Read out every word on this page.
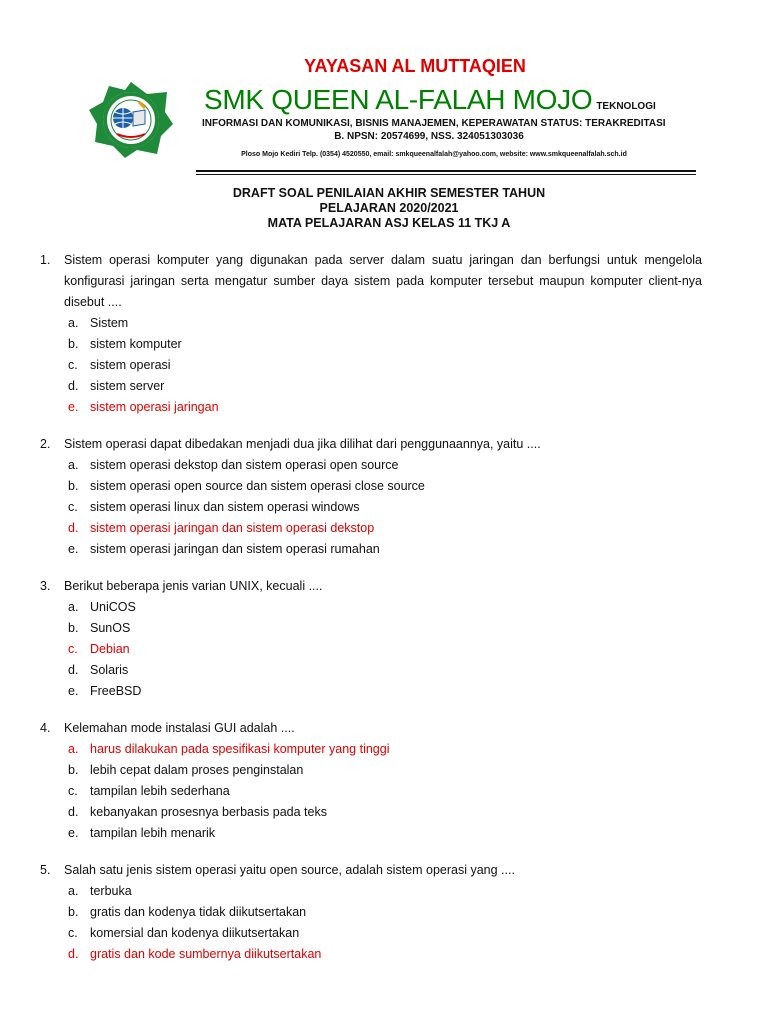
YAYASAN AL MUTTAQIEN
SMK QUEEN AL-FALAH MOJO TEKNOLOGI
INFORMASI DAN KOMUNIKASI, BISNIS MANAJEMEN, KEPERAWATAN STATUS: TERAKREDITASI
B. NPSN: 20574699, NSS. 324051303036
Ploso Mojo Kediri Telp. (0354) 4520550, email: smkqueenalfalah@yahoo.com, website: www.smkqueenalfalah.sch.id
DRAFT SOAL PENILAIAN AKHIR SEMESTER TAHUN
PELAJARAN 2020/2021
MATA PELAJARAN ASJ KELAS 11 TKJ A
1.	Sistem operasi komputer yang digunakan pada server dalam suatu jaringan dan berfungsi untuk mengelola konfigurasi jaringan serta mengatur sumber daya sistem pada komputer tersebut maupun komputer client-nya disebut ....
a. Sistem
b. sistem komputer
c. sistem operasi
d. sistem server
e. sistem operasi jaringan
2.	Sistem operasi dapat dibedakan menjadi dua jika dilihat dari penggunaannya, yaitu ....
a. sistem operasi dekstop dan sistem operasi open source
b. sistem operasi open source dan sistem operasi close source
c. sistem operasi linux dan sistem operasi windows
d. sistem operasi jaringan dan sistem operasi dekstop
e. sistem operasi jaringan dan sistem operasi rumahan
3.	Berikut beberapa jenis varian UNIX, kecuali ....
a. UniCOS
b. SunOS
c. Debian
d. Solaris
e. FreeBSD
4.	Kelemahan mode instalasi GUI adalah ....
a. harus dilakukan pada spesifikasi komputer yang tinggi
b. lebih cepat dalam proses penginstalan
c. tampilan lebih sederhana
d. kebanyakan prosesnya berbasis pada teks
e. tampilan lebih menarik
5.	Salah satu jenis sistem operasi yaitu open source, adalah sistem operasi yang ....
a. terbuka
b. gratis dan kodenya tidak diikutsertakan
c. komersial dan kodenya diikutsertakan
d. gratis dan kode sumbernya diikutsertakan
